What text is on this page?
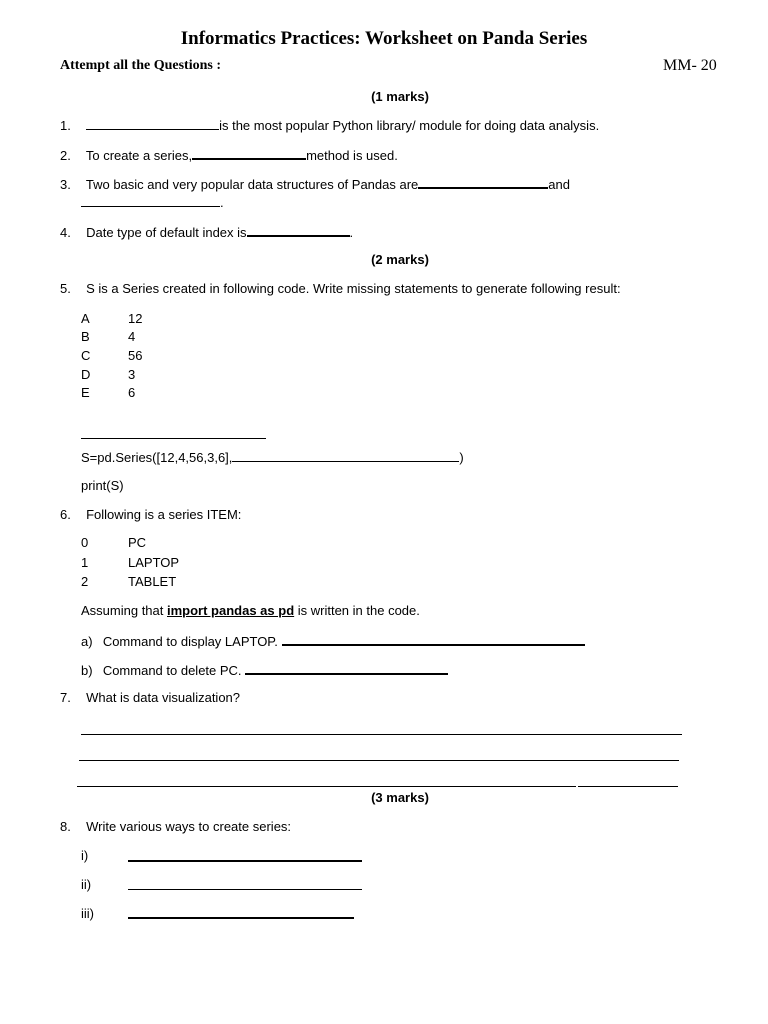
Informatics Practices: Worksheet on Panda Series
Attempt all the Questions :	MM- 20
(1 marks)
1.	is the most popular Python library/ module for doing data analysis.
2. To create a series,	method is used.
3. Two basic and very popular data structures of Pandas are	and
.
4. Date type of default index is	.
(2 marks)
5. S is a Series created in following code. Write missing statements to generate following result:
A	12
B	4
C	56
D	3
E	6
S=pd.Series([12,4,56,3,6],	)
print(S)
6. Following is a series ITEM:
0	PC
1	LAPTOP
2	TABLET
Assuming that import pandas as pd is written in the code.
a) Command to display LAPTOP.
b) Command to delete PC.
7. What is data visualization?
(3 marks)
8. Write various ways to create series:
i)
ii)
iii)
